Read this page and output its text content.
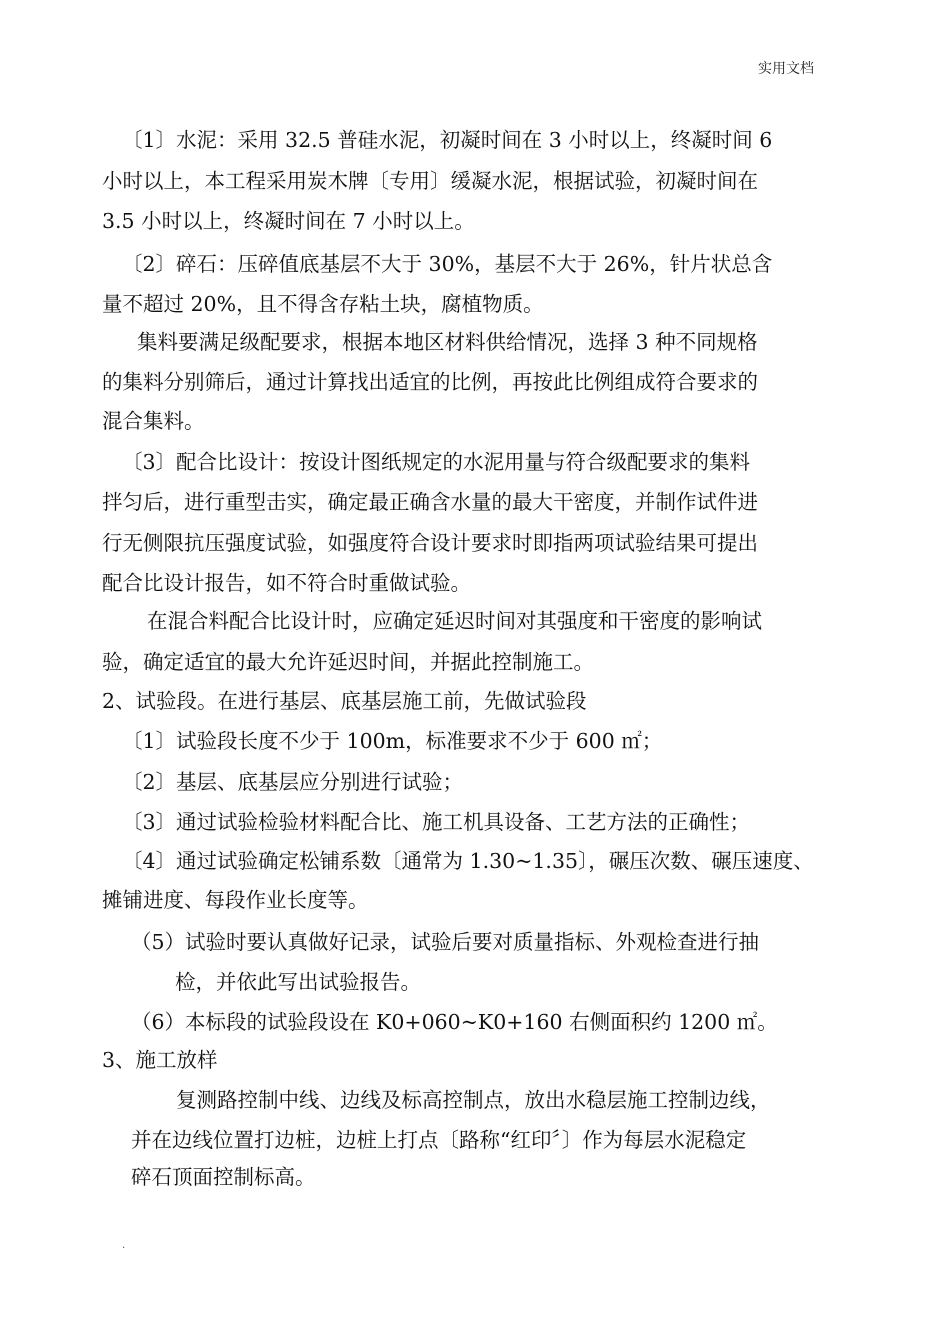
实用文档
〔1〕水泥：采用 32.5 普硅水泥，初凝时间在 3 小时以上，终凝时间 6
小时以上，本工程采用炭木牌〔专用〕缓凝水泥，根据试验，初凝时间在
3.5 小时以上，终凝时间在 7 小时以上。
〔2〕碎石：压碎值底基层不大于 30%，基层不大于 26%，针片状总含
量不超过 20%，且不得含存粘土块，腐植物质。
集料要满足级配要求，根据本地区材料供给情况，选择 3 种不同规格
的集料分别筛后，通过计算找出适宜的比例，再按此比例组成符合要求的
混合集料。
〔3〕配合比设计：按设计图纸规定的水泥用量与符合级配要求的集料
拌匀后，进行重型击实，确定最正确含水量的最大干密度，并制作试件进
行无侧限抗压强度试验，如强度符合设计要求时即指两项试验结果可提出
配合比设计报告，如不符合时重做试验。
在混合料配合比设计时，应确定延迟时间对其强度和干密度的影响试
验，确定适宜的最大允许延迟时间，并据此控制施工。
2、试验段。在进行基层、底基层施工前，先做试验段
〔1〕试验段长度不少于 100m，标准要求不少于 600 ㎡；
〔2〕基层、底基层应分别进行试验；
〔3〕通过试验检验材料配合比、施工机具设备、工艺方法的正确性；
〔4〕通过试验确定松铺系数〔通常为 1.30~1.35〕，碾压次数、碾压速度、
摊铺进度、每段作业长度等。
（5）试验时要认真做好记录，试验后要对质量指标、外观检查进行抽
检，并依此写出试验报告。
（6）本标段的试验段设在 K0+060~K0+160 右侧面积约 1200 ㎡。
3、施工放样
复测路控制中线、边线及标高控制点，放出水稳层施工控制边线，
并在边线位置打边桩，边桩上打点〔路称“红印〞〕作为每层水泥稳定
碎石顶面控制标高。
.
